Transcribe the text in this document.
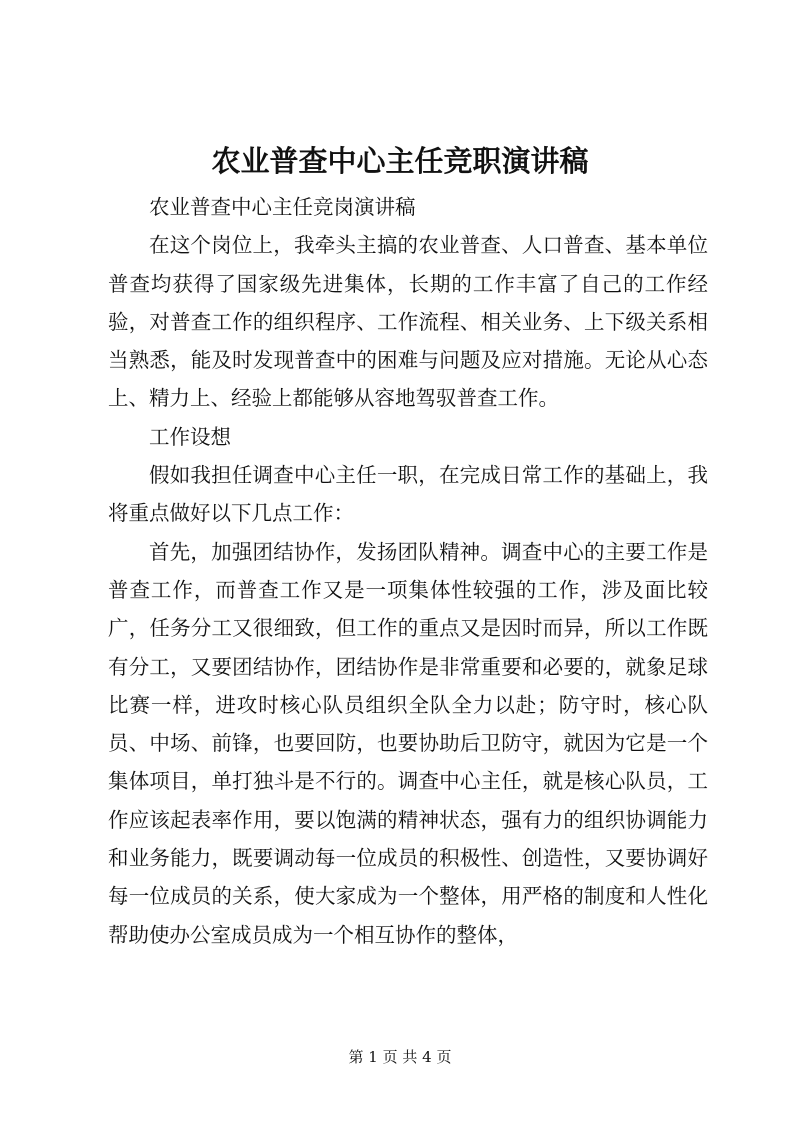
农业普查中心主任竞职演讲稿

农业普查中心主任竞岗演讲稿

在这个岗位上，我牵头主搞的农业普查、人口普查、基本单位普查均获得了国家级先进集体，长期的工作丰富了自己的工作经验，对普查工作的组织程序、工作流程、相关业务、上下级关系相当熟悉，能及时发现普查中的困难与问题及应对措施。无论从心态上、精力上、经验上都能够从容地驾驭普查工作。

工作设想

假如我担任调查中心主任一职，在完成日常工作的基础上，我将重点做好以下几点工作：

首先，加强团结协作，发扬团队精神。调查中心的主要工作是普查工作，而普查工作又是一项集体性较强的工作，涉及面比较广，任务分工又很细致，但工作的重点又是因时而异，所以工作既有分工，又要团结协作，团结协作是非常重要和必要的，就象足球比赛一样，进攻时核心队员组织全队全力以赴；防守时，核心队员、中场、前锋，也要回防，也要协助后卫防守，就因为它是一个集体项目，单打独斗是不行的。调查中心主任，就是核心队员，工作应该起表率作用，要以饱满的精神状态，强有力的组织协调能力和业务能力，既要调动每一位成员的积极性、创造性，又要协调好每一位成员的关系，使大家成为一个整体，用严格的制度和人性化帮助使办公室成员成为一个相互协作的整体，

第 1 页 共 4 页
